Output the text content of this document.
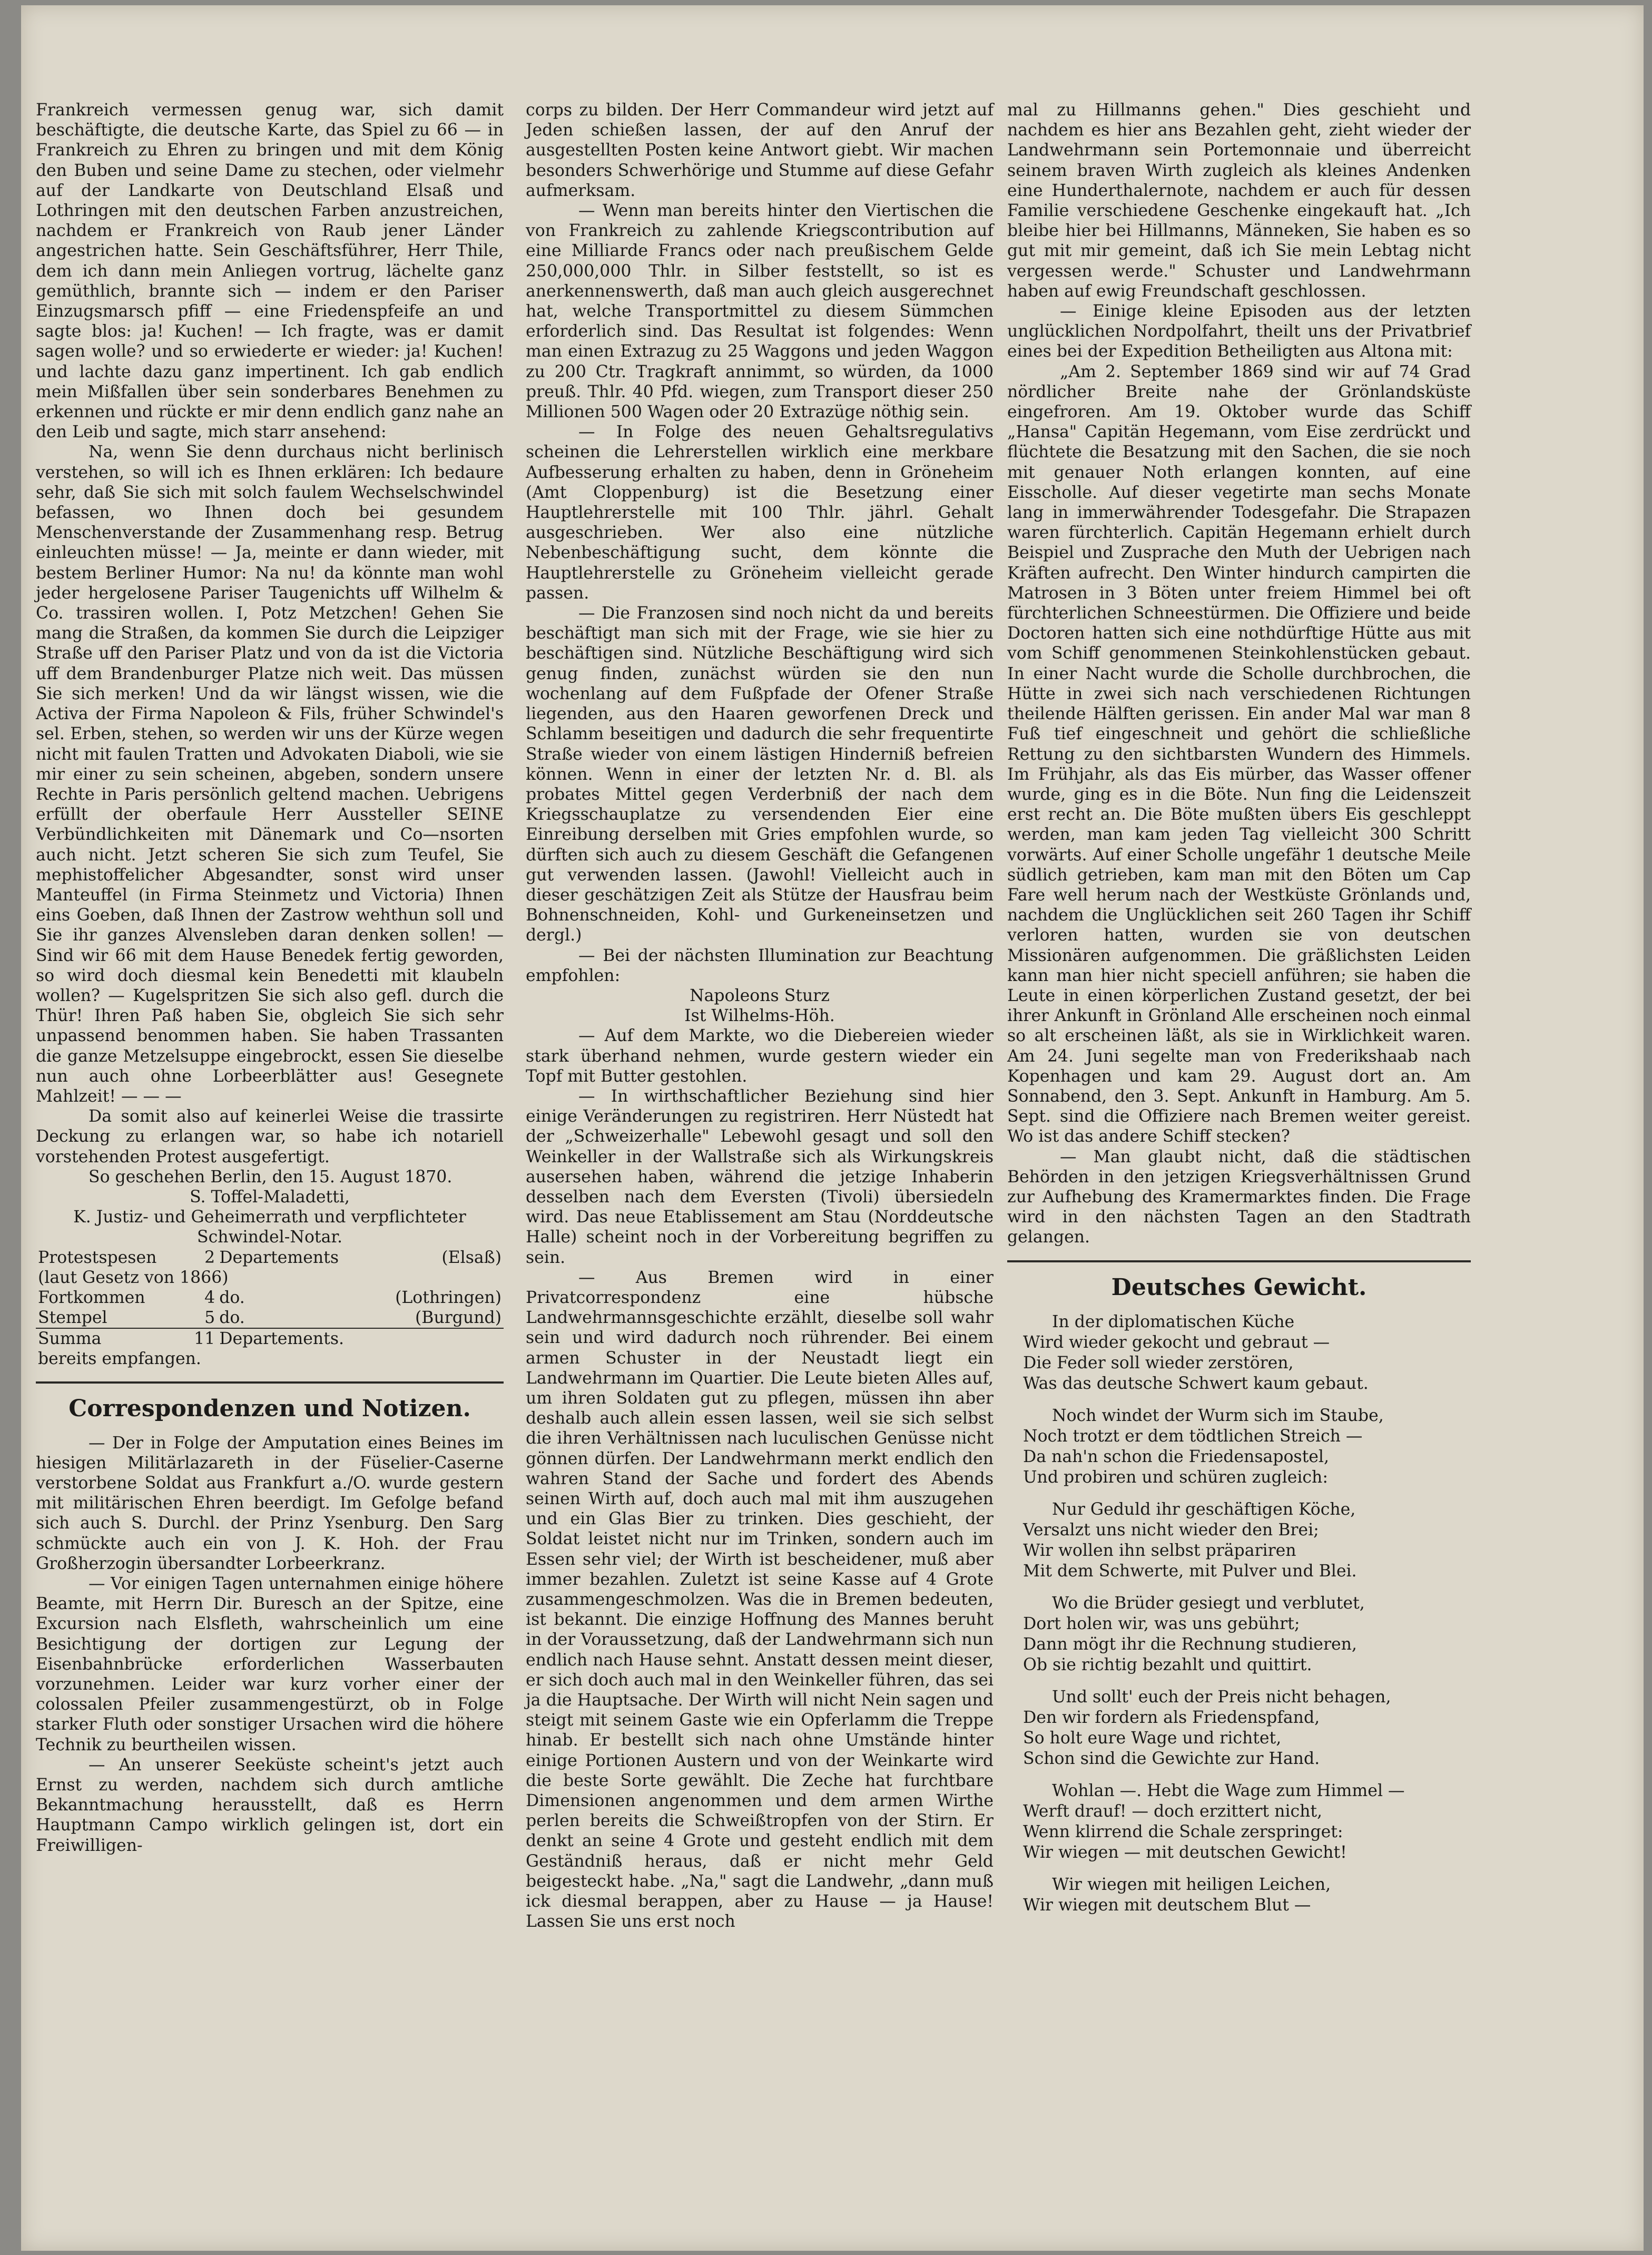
Frankreich vermessen genug war, sich damit beschäftigte, die deutsche Karte, das Spiel zu 66 — in Frankreich zu Ehren zu bringen und mit dem König den Buben und seine Dame zu stechen, oder vielmehr auf der Landkarte von Deutschland Elsaß und Lothringen mit den deutschen Farben anzustreichen, nachdem er Frankreich von Raub jener Länder angestrichen hatte. Sein Geschäftsführer, Herr Thile, dem ich dann mein Anliegen vortrug, lächelte ganz gemüthlich, brannte sich — indem er den Pariser Einzugsmarsch pfiff — eine Friedenspfeife an und sagte blos: ja! Kuchen! — Ich fragte, was er damit sagen wolle? und so erwiederte er wieder: ja! Kuchen! und lachte dazu ganz impertinent. Ich gab endlich mein Mißfallen über sein sonderbares Benehmen zu erkennen und rückte er mir denn endlich ganz nahe an den Leib und sagte, mich starr ansehend:

Na, wenn Sie denn durchaus nicht berlinisch verstehen, so will ich es Ihnen erklären: Ich bedaure sehr, daß Sie sich mit solch faulem Wechselschwindel befassen, wo Ihnen doch bei gesundem Menschenverstande der Zusammenhang resp. Betrug einleuchten müsse! — Ja, meinte er dann wieder, mit bestem Berliner Humor: Na nu! da könnte man wohl jeder hergelosene Pariser Taugenichts uff Wilhelm & Co. trassiren wollen. I, Potz Metzchen! Gehen Sie mang die Straßen, da kommen Sie durch die Leipziger Straße uff den Pariser Platz und von da ist die Victoria uff dem Brandenburger Platze nich weit. Das müssen Sie sich merken! Und da wir längst wissen, wie die Activa der Firma Napoleon & Fils, früher Schwindel's sel. Erben, stehen, so werden wir uns der Kürze wegen nicht mit faulen Tratten und Advokaten Diaboli, wie sie mir einer zu sein scheinen, abgeben, sondern unsere Rechte in Paris persönlich geltend machen. Uebrigens erfüllt der oberfaule Herr Aussteller SEINE Verbündlichkeiten mit Dänemark und Co—nsorten auch nicht. Jetzt scheren Sie sich zum Teufel, Sie mephistoffelicher Abgesandter, sonst wird unser Manteuffel (in Firma Steinmetz und Victoria) Ihnen eins Goeben, daß Ihnen der Zastrow wehthun soll und Sie ihr ganzes Alvensleben daran denken sollen! — Sind wir 66 mit dem Hause Benedek fertig geworden, so wird doch diesmal kein Benedetti mit klaubeln wollen? — Kugelspritzen Sie sich also gefl. durch die Thür! Ihren Paß haben Sie, obgleich Sie sich sehr unpassend benommen haben. Sie haben Trassanten die ganze Metzelsuppe eingebrockt, essen Sie dieselbe nun auch ohne Lorbeerblätter aus! Gesegnete Mahlzeit! — — —

Da somit also auf keinerlei Weise die trassirte Deckung zu erlangen war, so habe ich notariell vorstehenden Protest ausgefertigt.

So geschehen Berlin, den 15. August 1870.

S. Toffel-Maladetti,

K. Justiz- und Geheimerrath und verpflichteter Schwindel-Notar.

Protestspesen	2	Departements	(Elsaß)
(laut Gesetz von 1866)			
Fortkommen	4	do.	(Lothringen)
Stempel	5	do.	(Burgund)
Summa	11	Departements.	
bereits empfangen.			
Correspondenzen und Notizen.

— Der in Folge der Amputation eines Beines im hiesigen Militärlazareth in der Füselier-Caserne verstorbene Soldat aus Frankfurt a./O. wurde gestern mit militärischen Ehren beerdigt. Im Gefolge befand sich auch S. Durchl. der Prinz Ysenburg. Den Sarg schmückte auch ein von J. K. Hoh. der Frau Großherzogin übersandter Lorbeerkranz.

— Vor einigen Tagen unternahmen einige höhere Beamte, mit Herrn Dir. Buresch an der Spitze, eine Excursion nach Elsfleth, wahrscheinlich um eine Besichtigung der dortigen zur Legung der Eisenbahnbrücke erforderlichen Wasserbauten vorzunehmen. Leider war kurz vorher einer der colossalen Pfeiler zusammengestürzt, ob in Folge starker Fluth oder sonstiger Ursachen wird die höhere Technik zu beurtheilen wissen.

— An unserer Seeküste scheint's jetzt auch Ernst zu werden, nachdem sich durch amtliche Bekanntmachung herausstellt, daß es Herrn Hauptmann Campo wirklich gelingen ist, dort ein Freiwilligen-

corps zu bilden. Der Herr Commandeur wird jetzt auf Jeden schießen lassen, der auf den Anruf der ausgestellten Posten keine Antwort giebt. Wir machen besonders Schwerhörige und Stumme auf diese Gefahr aufmerksam.

— Wenn man bereits hinter den Viertischen die von Frankreich zu zahlende Kriegscontribution auf eine Milliarde Francs oder nach preußischem Gelde 250,000,000 Thlr. in Silber feststellt, so ist es anerkennenswerth, daß man auch gleich ausgerechnet hat, welche Transportmittel zu diesem Sümmchen erforderlich sind. Das Resultat ist folgendes: Wenn man einen Extrazug zu 25 Waggons und jeden Waggon zu 200 Ctr. Tragkraft annimmt, so würden, da 1000 preuß. Thlr. 40 Pfd. wiegen, zum Transport dieser 250 Millionen 500 Wagen oder 20 Extrazüge nöthig sein.

— In Folge des neuen Gehaltsregulativs scheinen die Lehrerstellen wirklich eine merkbare Aufbesserung erhalten zu haben, denn in Gröneheim (Amt Cloppenburg) ist die Besetzung einer Hauptlehrerstelle mit 100 Thlr. jährl. Gehalt ausgeschrieben. Wer also eine nützliche Nebenbeschäftigung sucht, dem könnte die Hauptlehrerstelle zu Gröneheim vielleicht gerade passen.

— Die Franzosen sind noch nicht da und bereits beschäftigt man sich mit der Frage, wie sie hier zu beschäftigen sind. Nützliche Beschäftigung wird sich genug finden, zunächst würden sie den nun wochenlang auf dem Fußpfade der Ofener Straße liegenden, aus den Haaren geworfenen Dreck und Schlamm beseitigen und dadurch die sehr frequentirte Straße wieder von einem lästigen Hinderniß befreien können. Wenn in einer der letzten Nr. d. Bl. als probates Mittel gegen Verderbniß der nach dem Kriegsschauplatze zu versendenden Eier eine Einreibung derselben mit Gries empfohlen wurde, so dürften sich auch zu diesem Geschäft die Gefangenen gut verwenden lassen. (Jawohl! Vielleicht auch in dieser geschätzigen Zeit als Stütze der Hausfrau beim Bohnenschneiden, Kohl- und Gurkeneinsetzen und dergl.)

— Bei der nächsten Illumination zur Beachtung empfohlen:

Napoleons Sturz

Ist Wilhelms-Höh.

— Auf dem Markte, wo die Diebereien wieder stark überhand nehmen, wurde gestern wieder ein Topf mit Butter gestohlen.

— In wirthschaftlicher Beziehung sind hier einige Veränderungen zu registriren. Herr Nüstedt hat der „Schweizerhalle" Lebewohl gesagt und soll den Weinkeller in der Wallstraße sich als Wirkungskreis ausersehen haben, während die jetzige Inhaberin desselben nach dem Eversten (Tivoli) übersiedeln wird. Das neue Etablissement am Stau (Norddeutsche Halle) scheint noch in der Vorbereitung begriffen zu sein.

— Aus Bremen wird in einer Privatcorrespondenz eine hübsche Landwehrmannsgeschichte erzählt, dieselbe soll wahr sein und wird dadurch noch rührender. Bei einem armen Schuster in der Neustadt liegt ein Landwehrmann im Quartier. Die Leute bieten Alles auf, um ihren Soldaten gut zu pflegen, müssen ihn aber deshalb auch allein essen lassen, weil sie sich selbst die ihren Verhältnissen nach luculischen Genüsse nicht gönnen dürfen. Der Landwehrmann merkt endlich den wahren Stand der Sache und fordert des Abends seinen Wirth auf, doch auch mal mit ihm auszugehen und ein Glas Bier zu trinken. Dies geschieht, der Soldat leistet nicht nur im Trinken, sondern auch im Essen sehr viel; der Wirth ist bescheidener, muß aber immer bezahlen. Zuletzt ist seine Kasse auf 4 Grote zusammengeschmolzen. Was die in Bremen bedeuten, ist bekannt. Die einzige Hoffnung des Mannes beruht in der Voraussetzung, daß der Landwehrmann sich nun endlich nach Hause sehnt. Anstatt dessen meint dieser, er sich doch auch mal in den Weinkeller führen, das sei ja die Hauptsache. Der Wirth will nicht Nein sagen und steigt mit seinem Gaste wie ein Opferlamm die Treppe hinab. Er bestellt sich nach ohne Umstände hinter einige Portionen Austern und von der Weinkarte wird die beste Sorte gewählt. Die Zeche hat furchtbare Dimensionen angenommen und dem armen Wirthe perlen bereits die Schweißtropfen von der Stirn. Er denkt an seine 4 Grote und gesteht endlich mit dem Geständniß heraus, daß er nicht mehr Geld beigesteckt habe. „Na," sagt die Landwehr, „dann muß ick diesmal berappen, aber zu Hause — ja Hause! Lassen Sie uns erst noch

mal zu Hillmanns gehen." Dies geschieht und nachdem es hier ans Bezahlen geht, zieht wieder der Landwehrmann sein Portemonnaie und überreicht seinem braven Wirth zugleich als kleines Andenken eine Hunderthalernote, nachdem er auch für dessen Familie verschiedene Geschenke eingekauft hat. „Ich bleibe hier bei Hillmanns, Männeken, Sie haben es so gut mit mir gemeint, daß ich Sie mein Lebtag nicht vergessen werde." Schuster und Landwehrmann haben auf ewig Freundschaft geschlossen.

— Einige kleine Episoden aus der letzten unglücklichen Nordpolfahrt, theilt uns der Privatbrief eines bei der Expedition Betheiligten aus Altona mit:

„Am 2. September 1869 sind wir auf 74 Grad nördlicher Breite nahe der Grönlandsküste eingefroren. Am 19. Oktober wurde das Schiff „Hansa" Capitän Hegemann, vom Eise zerdrückt und flüchtete die Besatzung mit den Sachen, die sie noch mit genauer Noth erlangen konnten, auf eine Eisscholle. Auf dieser vegetirte man sechs Monate lang in immerwährender Todesgefahr. Die Strapazen waren fürchterlich. Capitän Hegemann erhielt durch Beispiel und Zusprache den Muth der Uebrigen nach Kräften aufrecht. Den Winter hindurch campirten die Matrosen in 3 Böten unter freiem Himmel bei oft fürchterlichen Schneestürmen. Die Offiziere und beide Doctoren hatten sich eine nothdürftige Hütte aus mit vom Schiff genommenen Steinkohlenstücken gebaut. In einer Nacht wurde die Scholle durchbrochen, die Hütte in zwei sich nach verschiedenen Richtungen theilende Hälften gerissen. Ein ander Mal war man 8 Fuß tief eingeschneit und gehört die schließliche Rettung zu den sichtbarsten Wundern des Himmels. Im Frühjahr, als das Eis mürber, das Wasser offener wurde, ging es in die Böte. Nun fing die Leidenszeit erst recht an. Die Böte mußten übers Eis geschleppt werden, man kam jeden Tag vielleicht 300 Schritt vorwärts. Auf einer Scholle ungefähr 1 deutsche Meile südlich getrieben, kam man mit den Böten um Cap Fare well herum nach der Westküste Grönlands und, nachdem die Unglücklichen seit 260 Tagen ihr Schiff verloren hatten, wurden sie von deutschen Missionären aufgenommen. Die gräßlichsten Leiden kann man hier nicht speciell anführen; sie haben die Leute in einen körperlichen Zustand gesetzt, der bei ihrer Ankunft in Grönland Alle erscheinen noch einmal so alt erscheinen läßt, als sie in Wirklichkeit waren. Am 24. Juni segelte man von Frederikshaab nach Kopenhagen und kam 29. August dort an. Am Sonnabend, den 3. Sept. Ankunft in Hamburg. Am 5. Sept. sind die Offiziere nach Bremen weiter gereist. Wo ist das andere Schiff stecken?

— Man glaubt nicht, daß die städtischen Behörden in den jetzigen Kriegsverhältnissen Grund zur Aufhebung des Kramermarktes finden. Die Frage wird in den nächsten Tagen an den Stadtrath gelangen.

Deutsches Gewicht.

In der diplomatischen Küche

Wird wieder gekocht und gebraut —

Die Feder soll wieder zerstören,

Was das deutsche Schwert kaum gebaut.

Noch windet der Wurm sich im Staube,

Noch trotzt er dem tödtlichen Streich —

Da nah'n schon die Friedensapostel,

Und probiren und schüren zugleich:

Nur Geduld ihr geschäftigen Köche,

Versalzt uns nicht wieder den Brei;

Wir wollen ihn selbst präpariren

Mit dem Schwerte, mit Pulver und Blei.

Wo die Brüder gesiegt und verblutet,

Dort holen wir, was uns gebührt;

Dann mögt ihr die Rechnung studieren,

Ob sie richtig bezahlt und quittirt.

Und sollt' euch der Preis nicht behagen,

Den wir fordern als Friedenspfand,

So holt eure Wage und richtet,

Schon sind die Gewichte zur Hand.

Wohlan —. Hebt die Wage zum Himmel —

Werft drauf! — doch erzittert nicht,

Wenn klirrend die Schale zerspringet:

Wir wiegen — mit deutschen Gewicht!

Wir wiegen mit heiligen Leichen,

Wir wiegen mit deutschem Blut —
